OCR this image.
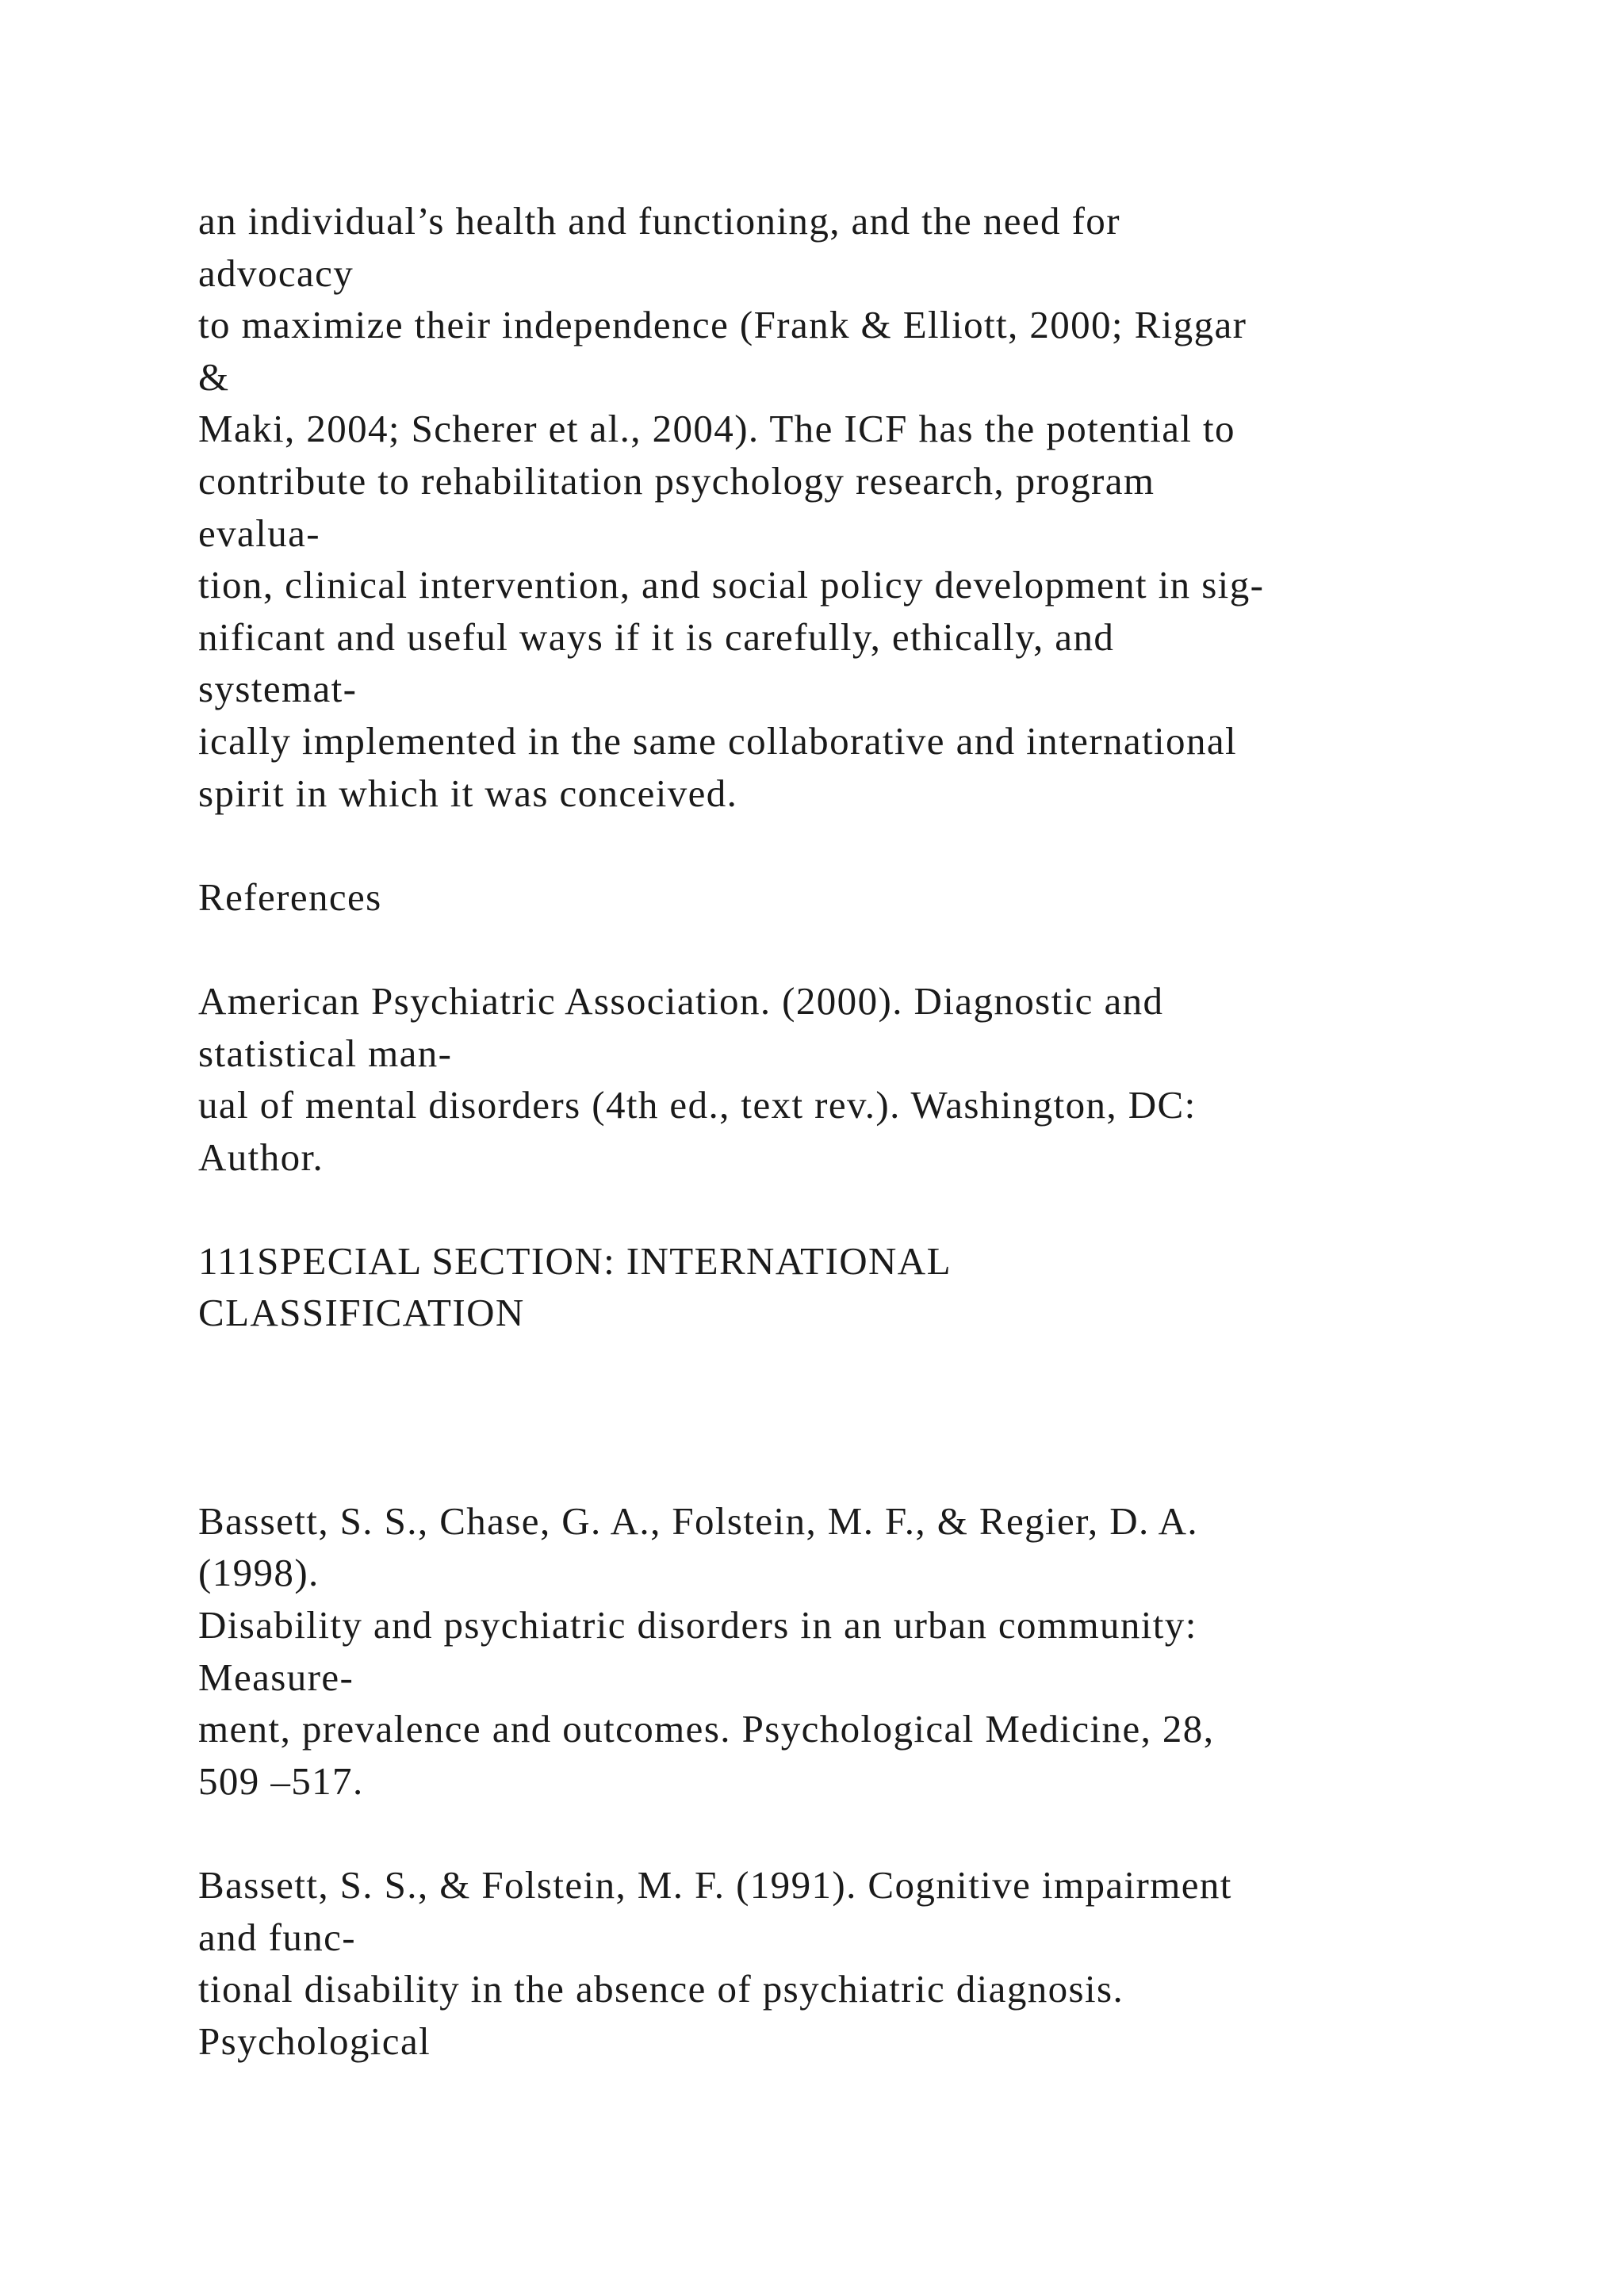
an individual’s health and functioning, and the need for
advocacy
to maximize their independence (Frank & Elliott, 2000; Riggar
&
Maki, 2004; Scherer et al., 2004). The ICF has the potential to
contribute to rehabilitation psychology research, program
evalua-
tion, clinical intervention, and social policy development in sig-
nificant and useful ways if it is carefully, ethically, and
systemat-
ically implemented in the same collaborative and international
spirit in which it was conceived.
References
American Psychiatric Association. (2000). Diagnostic and
statistical man-
ual of mental disorders (4th ed., text rev.). Washington, DC:
Author.
111SPECIAL SECTION: INTERNATIONAL
CLASSIFICATION
Bassett, S. S., Chase, G. A., Folstein, M. F., & Regier, D. A.
(1998).
Disability and psychiatric disorders in an urban community:
Measure-
ment, prevalence and outcomes. Psychological Medicine, 28,
509 –517.
Bassett, S. S., & Folstein, M. F. (1991). Cognitive impairment
and func-
tional disability in the absence of psychiatric diagnosis.
Psychological
